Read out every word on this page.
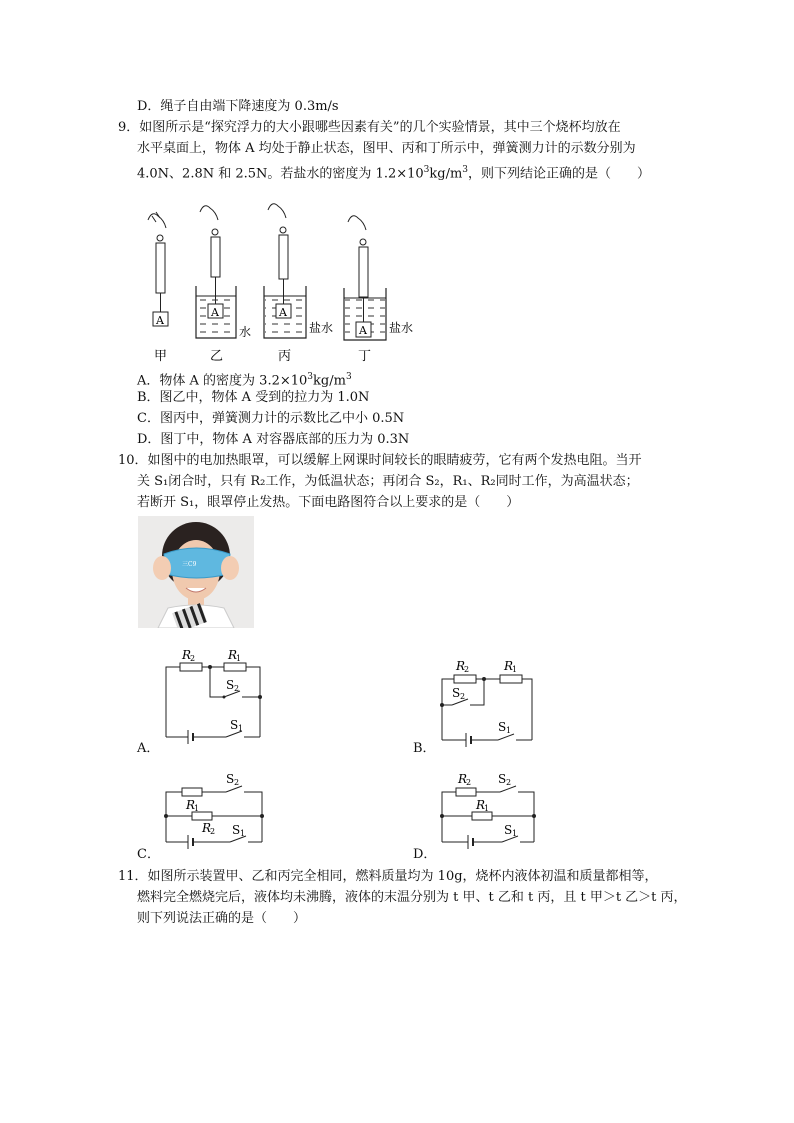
D．绳子自由端下降速度为 0.3m/s
9．如图所示是“探究浮力的大小跟哪些因素有关”的几个实验情景，其中三个烧杯均放在
水平桌面上，物体 A 均处于静止状态，图甲、丙和丁所示中，弹簧测力计的示数分别为
4.0N、2.8N 和 2.5N。若盐水的密度为 $1.2\times 10^3kg/m^3$，则下列结论正确的是（　　）
A
A
水
A
盐水 A 盐水
甲	乙	丙	丁
A．物体 A 的密度为 $3.2\times 10^3kg/m^3$
B．图乙中，物体 A 受到的拉力为 1.0N
C．图丙中，弹簧测力计的示数比乙中小 0.5N
D．图丁中，物体 A 对容器底部的压力为 0.3N
10．如图中的电加热眼罩，可以缓解上网课时间较长的眼睛疲劳，它有两个发热电阻。当开
关 S₁闭合时，只有 R₂工作，为低温状态；再闭合 S₂，R₁、R₂同时工作，为高温状态；
若断开 S₁，眼罩停止发热。下面电路图符合以上要求的是（　　）
三C9
R
2	R
1
S 2
S 1
A．
R
2	R
1
S 2
S 1
B．
S 2
R
1
R
2 S 1
C．
R
2 S 2
R
1
S 1
D．
11．如图所示装置甲、乙和丙完全相同，燃料质量均为 10g，烧杯内液体初温和质量都相等，
燃料完全燃烧完后，液体均未沸腾，液体的末温分别为 t 甲、t 乙和 t 丙，且 t 甲＞t 乙＞t 丙，
则下列说法正确的是（　　）
